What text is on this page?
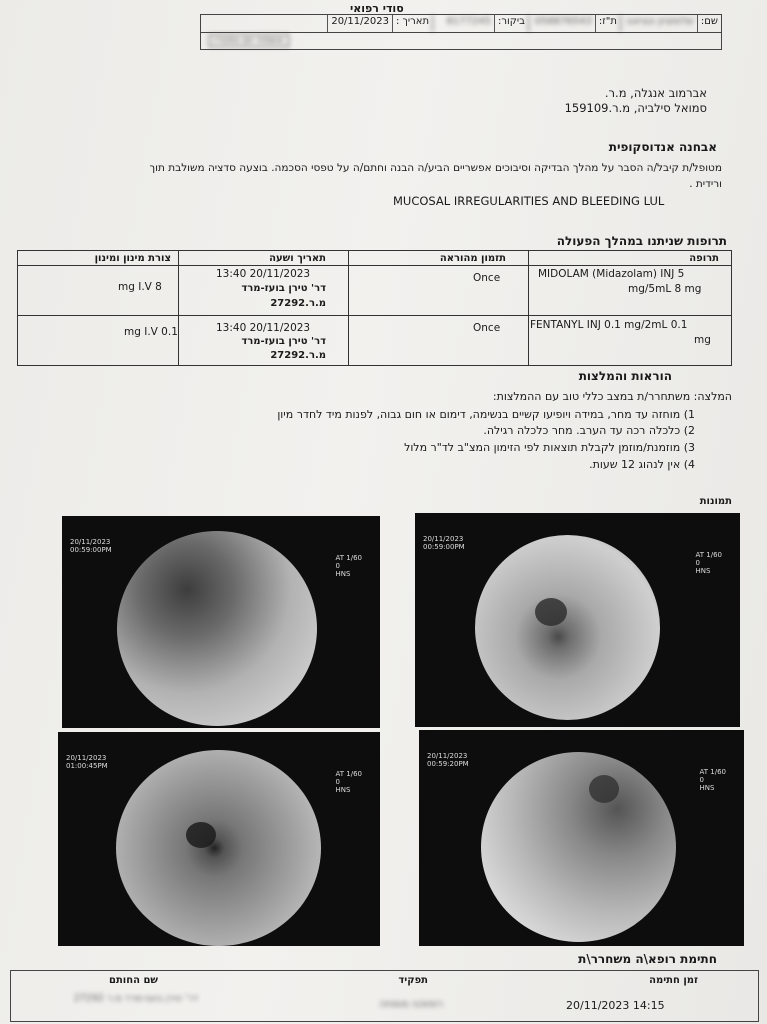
סודי רפואי
שם:
שלומציון ונציאנו
ת"ז:
058876543
ביקור:
8177245
תאריך :
20/11/2023
אשפוז יום גסטרו
אברמוב אנגלה, מ.ר.
סמואל סילביה, מ.ר.159109
אבחנה אנדוסקופית
מטופל/ת קיבל/ה הסבר על מהלך הבדיקה וסיבוכים אפשריים הביע/ה הבנה וחתם/ה על טפסי הסכמה. בוצעה סדציה משולבת תוך
ורידית .
MUCOSAL IRREGULARITIES AND BLEEDING LUL
תרופות שניתנו במהלך הפעולה
תרופה
תזמון מהוראה
תאריך ושעה
צורת מינון ומינון
MIDOLAM (Midazolam) INJ 5
mg/5mL 8 mg
Once
13:40 20/11/2023
דר' טירן בועז-מרד
מ.ר.27292
mg I.V 8
FENTANYL INJ 0.1 mg/2mL 0.1
mg
Once
13:40 20/11/2023
דר' טירן בועז-מרד
מ.ר.27292
mg I.V 0.1
הוראות והמלצות
המלצה: משתחרר/ת במצב כללי טוב עם ההמלצות:
1) מוחזה עד מחר, במידה ויופיעו קשיים בנשימה, דימום או חום גבוה, לפנות מיד לחדר מיון
2) כלכלה רכה עד הערב. מחר כלכלה רגילה.
3) מוזמנת/מוזמן לקבלת תוצאות לפי הזימון המצ"ב לד"ר מלול
4) אין לנהוג 12 שעות.
תמונות
20/11/2023
00:59:00PM
AT 1/60
0
HNS
20/11/2023
00:59:00PM
AT 1/60
0
HNS
20/11/2023
00:59:20PM
AT 1/60
0
HNS
20/11/2023
01:00:45PM
AT 1/60
0
HNS
חתימת רופא\ה משחרר\ת
זמן חתימה
תפקיד
שם החותם
20/11/2023 14:15
רופא/ה מומחה
דר' טירן בועז-מרד מ.ר 27292
